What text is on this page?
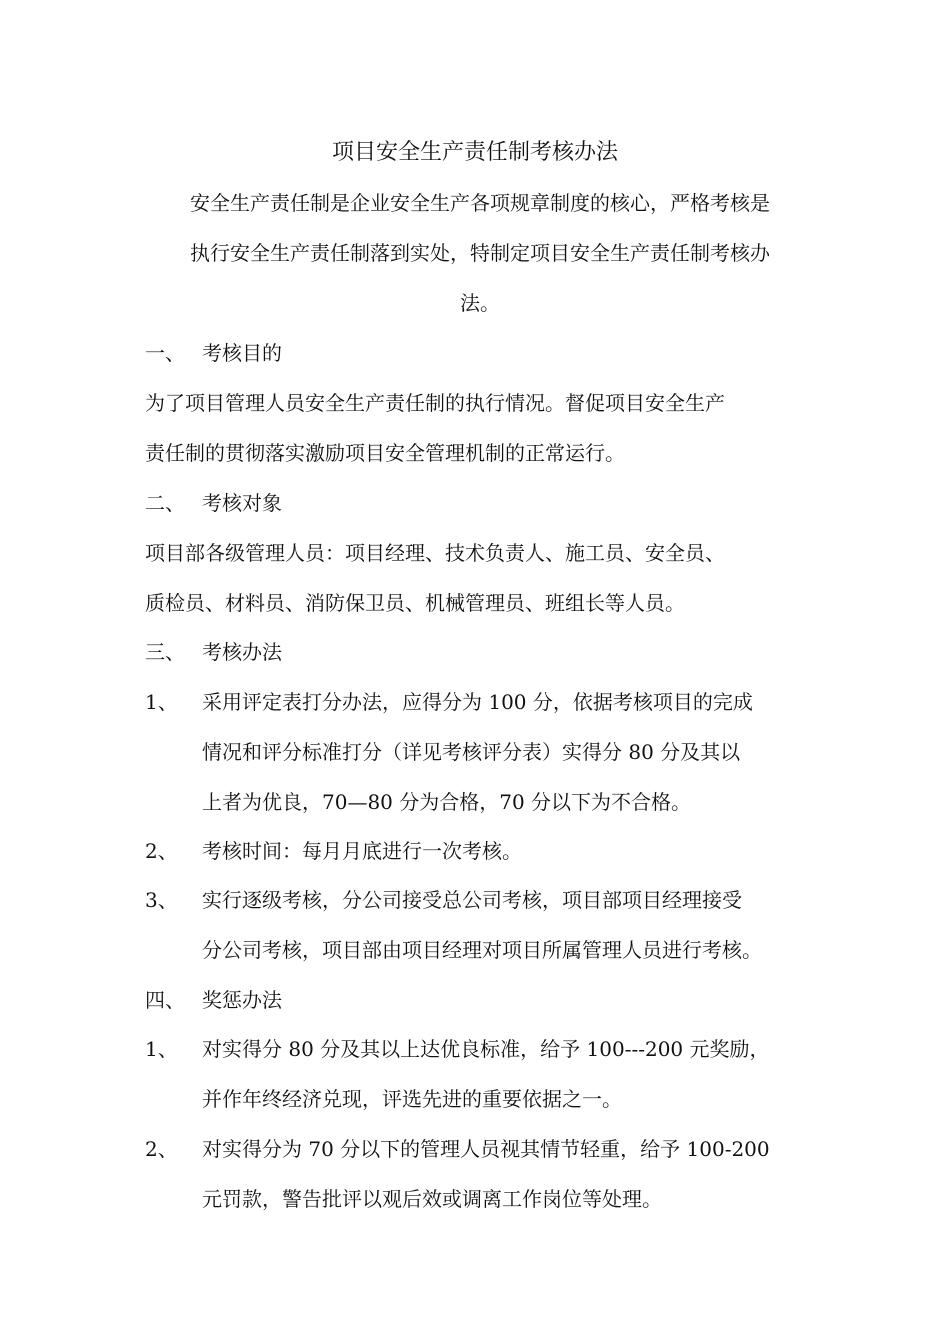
项目安全生产责任制考核办法
安全生产责任制是企业安全生产各项规章制度的核心，严格考核是
执行安全生产责任制落到实处，特制定项目安全生产责任制考核办
法。
一、 考核目的
为了项目管理人员安全生产责任制的执行情况。督促项目安全生产
责任制的贯彻落实激励项目安全管理机制的正常运行。
二、 考核对象
项目部各级管理人员：项目经理、技术负责人、施工员、安全员、
质检员、材料员、消防保卫员、机械管理员、班组长等人员。
三、 考核办法
1、	采用评定表打分办法，应得分为 100 分，依据考核项目的完成
情况和评分标准打分（详见考核评分表）实得分 80 分及其以
上者为优良，70—80 分为合格，70 分以下为不合格。
2、	考核时间：每月月底进行一次考核。
3、	实行逐级考核，分公司接受总公司考核，项目部项目经理接受
分公司考核，项目部由项目经理对项目所属管理人员进行考核。
四、 奖惩办法
1、	对实得分 80 分及其以上达优良标准，给予 100---200 元奖励，
并作年终经济兑现，评选先进的重要依据之一。
2、	对实得分为 70 分以下的管理人员视其情节轻重，给予 100-200
元罚款，警告批评以观后效或调离工作岗位等处理。
